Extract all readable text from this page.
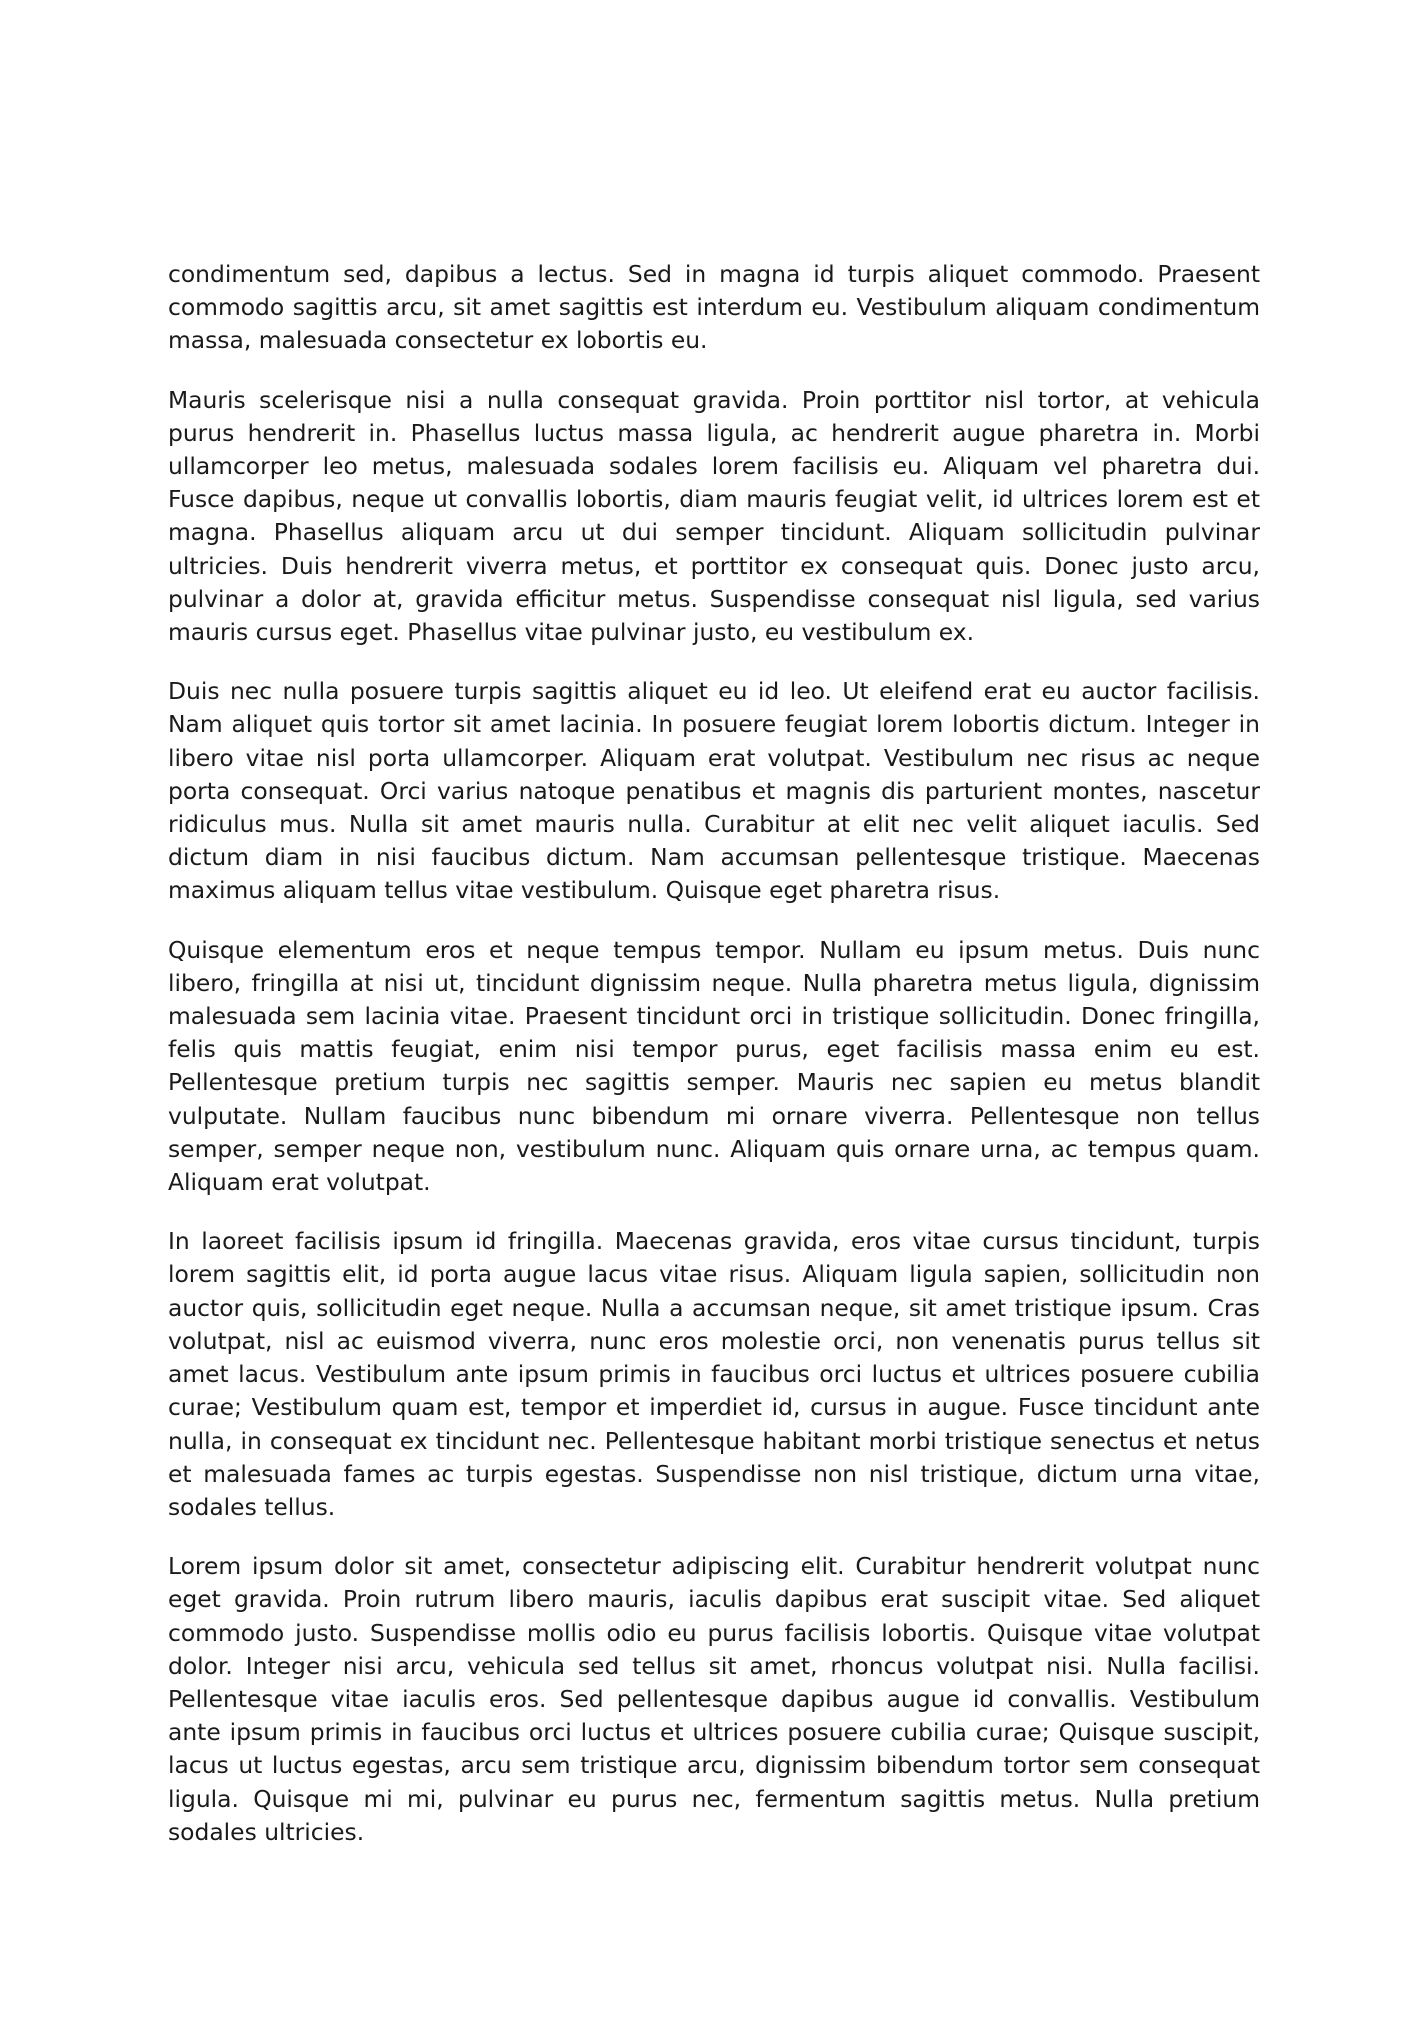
condimentum sed, dapibus a lectus. Sed in magna id turpis aliquet commodo. Praesent commodo sagittis arcu, sit amet sagittis est interdum eu. Vestibulum aliquam condimentum massa, malesuada consectetur ex lobortis eu.

Mauris scelerisque nisi a nulla consequat gravida. Proin porttitor nisl tortor, at vehicula purus hendrerit in. Phasellus luctus massa ligula, ac hendrerit augue pharetra in. Morbi ullamcorper leo metus, malesuada sodales lorem facilisis eu. Aliquam vel pharetra dui. Fusce dapibus, neque ut convallis lobortis, diam mauris feugiat velit, id ultrices lorem est et magna. Phasellus aliquam arcu ut dui semper tincidunt. Aliquam sollicitudin pulvinar ultricies. Duis hendrerit viverra metus, et porttitor ex consequat quis. Donec justo arcu, pulvinar a dolor at, gravida efficitur metus. Suspendisse consequat nisl ligula, sed varius mauris cursus eget. Phasellus vitae pulvinar justo, eu vestibulum ex.

Duis nec nulla posuere turpis sagittis aliquet eu id leo. Ut eleifend erat eu auctor facilisis. Nam aliquet quis tortor sit amet lacinia. In posuere feugiat lorem lobortis dictum. Integer in libero vitae nisl porta ullamcorper. Aliquam erat volutpat. Vestibulum nec risus ac neque porta consequat. Orci varius natoque penatibus et magnis dis parturient montes, nascetur ridiculus mus. Nulla sit amet mauris nulla. Curabitur at elit nec velit aliquet iaculis. Sed dictum diam in nisi faucibus dictum. Nam accumsan pellentesque tristique. Maecenas maximus aliquam tellus vitae vestibulum. Quisque eget pharetra risus.

Quisque elementum eros et neque tempus tempor. Nullam eu ipsum metus. Duis nunc libero, fringilla at nisi ut, tincidunt dignissim neque. Nulla pharetra metus ligula, dignissim malesuada sem lacinia vitae. Praesent tincidunt orci in tristique sollicitudin. Donec fringilla, felis quis mattis feugiat, enim nisi tempor purus, eget facilisis massa enim eu est. Pellentesque pretium turpis nec sagittis semper. Mauris nec sapien eu metus blandit vulputate. Nullam faucibus nunc bibendum mi ornare viverra. Pellentesque non tellus semper, semper neque non, vestibulum nunc. Aliquam quis ornare urna, ac tempus quam. Aliquam erat volutpat.

In laoreet facilisis ipsum id fringilla. Maecenas gravida, eros vitae cursus tincidunt, turpis lorem sagittis elit, id porta augue lacus vitae risus. Aliquam ligula sapien, sollicitudin non auctor quis, sollicitudin eget neque. Nulla a accumsan neque, sit amet tristique ipsum. Cras volutpat, nisl ac euismod viverra, nunc eros molestie orci, non venenatis purus tellus sit amet lacus. Vestibulum ante ipsum primis in faucibus orci luctus et ultrices posuere cubilia curae; Vestibulum quam est, tempor et imperdiet id, cursus in augue. Fusce tincidunt ante nulla, in consequat ex tincidunt nec. Pellentesque habitant morbi tristique senectus et netus et malesuada fames ac turpis egestas. Suspendisse non nisl tristique, dictum urna vitae, sodales tellus.

Lorem ipsum dolor sit amet, consectetur adipiscing elit. Curabitur hendrerit volutpat nunc eget gravida. Proin rutrum libero mauris, iaculis dapibus erat suscipit vitae. Sed aliquet commodo justo. Suspendisse mollis odio eu purus facilisis lobortis. Quisque vitae volutpat dolor. Integer nisi arcu, vehicula sed tellus sit amet, rhoncus volutpat nisi. Nulla facilisi. Pellentesque vitae iaculis eros. Sed pellentesque dapibus augue id convallis. Vestibulum ante ipsum primis in faucibus orci luctus et ultrices posuere cubilia curae; Quisque suscipit, lacus ut luctus egestas, arcu sem tristique arcu, dignissim bibendum tortor sem consequat ligula. Quisque mi mi, pulvinar eu purus nec, fermentum sagittis metus. Nulla pretium sodales ultricies.
